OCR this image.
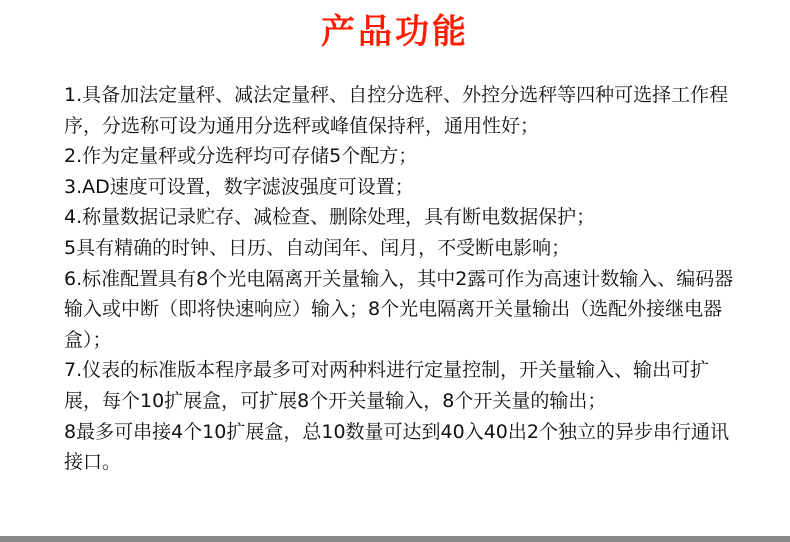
产品功能

1.具备加法定量秤、减法定量秤、自控分选秤、外控分选秤等四种可选择工作程序，分选称可设为通用分选秤或峰值保持秤，通用性好；

2.作为定量秤或分选秤均可存储5个配方；

3.AD速度可设置，数字滤波强度可设置；

4.称量数据记录贮存、减检查、删除处理，具有断电数据保护；

5具有精确的时钟、日历、自动闰年、闰月，不受断电影响；

6.标准配置具有8个光电隔离开关量输入，其中2露可作为高速计数输入、编码器输入或中断（即将快速响应）输入；8个光电隔离开关量输出（选配外接继电器盒）；

7.仪表的标准版本程序最多可对两种料进行定量控制，开关量输入、输出可扩展，每个10扩展盒，可扩展8个开关量输入，8个开关量的输出；

8最多可串接4个10扩展盒，总10数量可达到40入40出2个独立的异步串行通讯接口。
